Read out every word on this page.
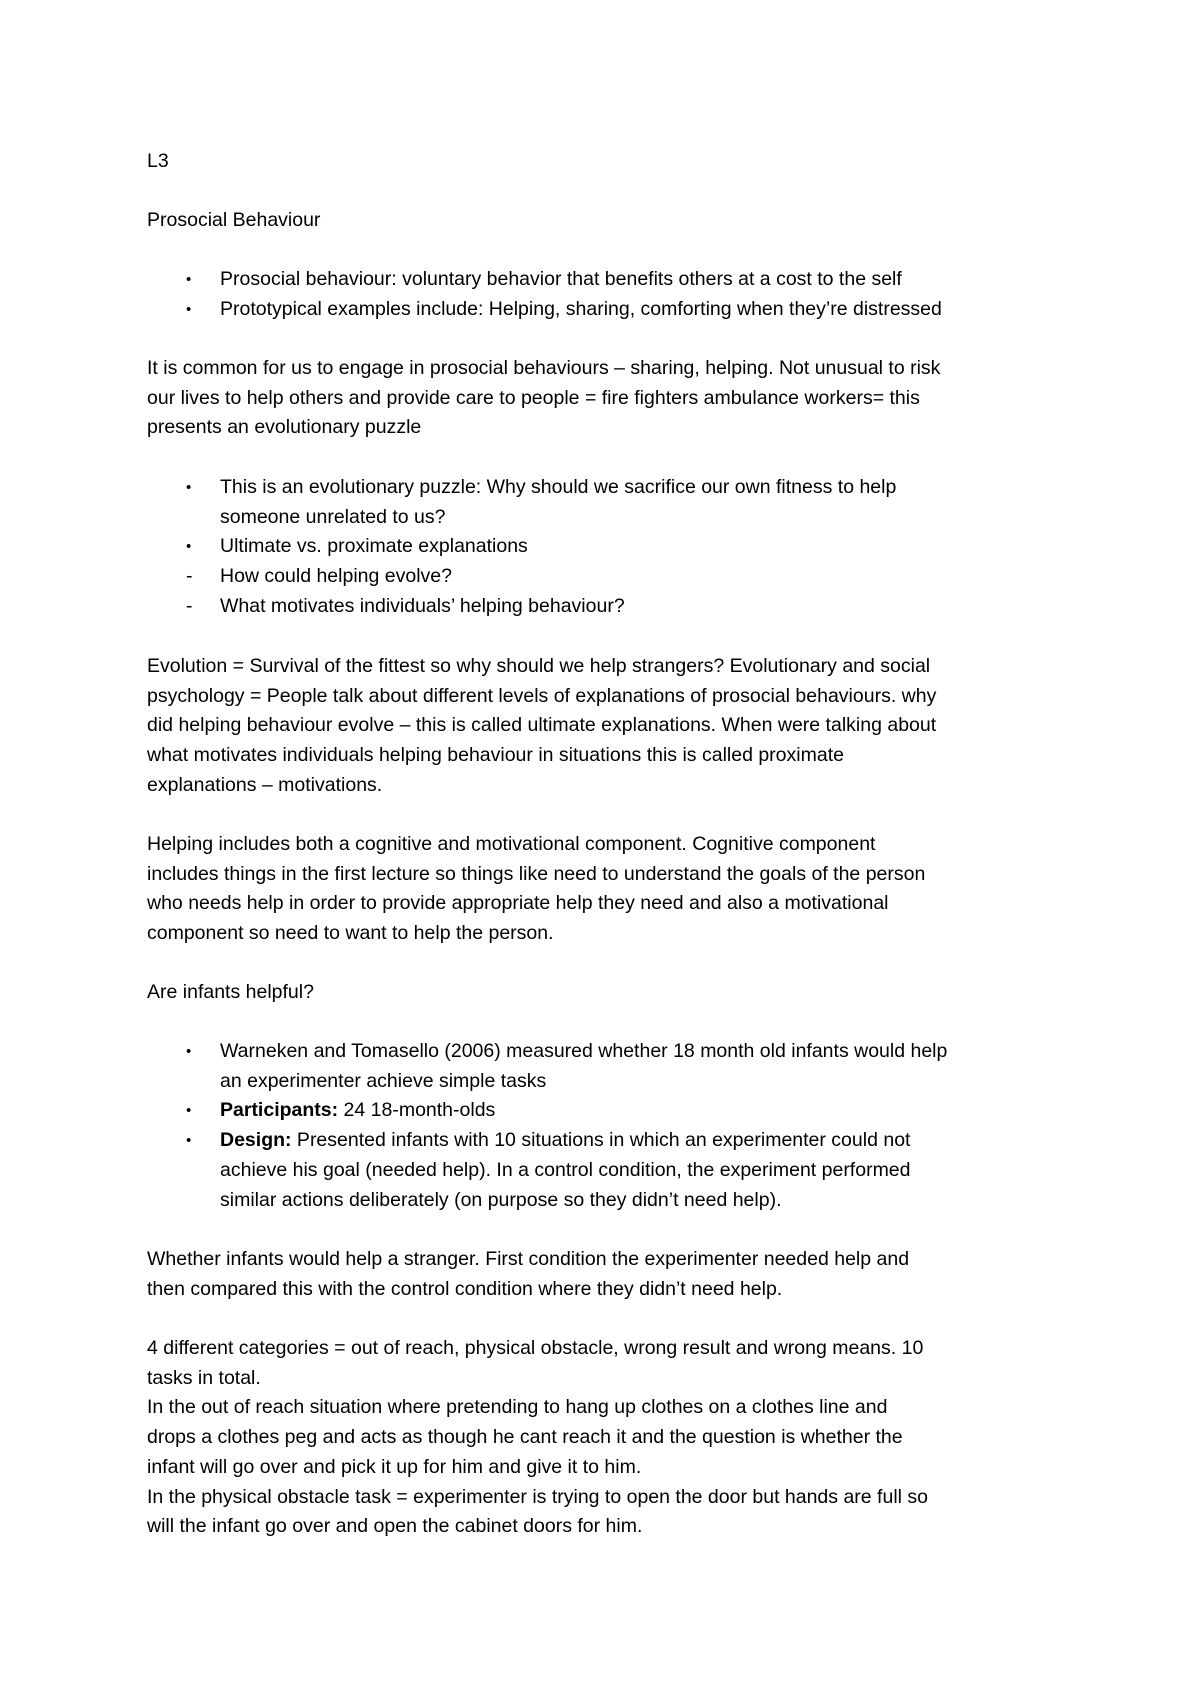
L3

Prosocial Behaviour

•	Prosocial behaviour: voluntary behavior that benefits others at a cost to the self
•	Prototypical examples include: Helping, sharing, comforting when they’re distressed

It is common for us to engage in prosocial behaviours – sharing, helping. Not unusual to risk
our lives to help others and provide care to people = fire fighters ambulance workers= this
presents an evolutionary puzzle

•	This is an evolutionary puzzle: Why should we sacrifice our own fitness to help
someone unrelated to us?
•	Ultimate vs. proximate explanations
-	How could helping evolve?
-	What motivates individuals’ helping behaviour?

Evolution = Survival of the fittest so why should we help strangers? Evolutionary and social
psychology = People talk about different levels of explanations of prosocial behaviours. why
did helping behaviour evolve – this is called ultimate explanations. When were talking about
what motivates individuals helping behaviour in situations this is called proximate
explanations – motivations.

Helping includes both a cognitive and motivational component. Cognitive component
includes things in the first lecture so things like need to understand the goals of the person
who needs help in order to provide appropriate help they need and also a motivational
component so need to want to help the person.

Are infants helpful?

•	Warneken and Tomasello (2006) measured whether 18 month old infants would help
an experimenter achieve simple tasks
•	Participants: 24 18-month-olds
•	Design: Presented infants with 10 situations in which an experimenter could not
achieve his goal (needed help). In a control condition, the experiment performed
similar actions deliberately (on purpose so they didn’t need help).

Whether infants would help a stranger. First condition the experimenter needed help and
then compared this with the control condition where they didn’t need help.

4 different categories = out of reach, physical obstacle, wrong result and wrong means. 10
tasks in total.
In the out of reach situation where pretending to hang up clothes on a clothes line and
drops a clothes peg and acts as though he cant reach it and the question is whether the
infant will go over and pick it up for him and give it to him.
In the physical obstacle task = experimenter is trying to open the door but hands are full so
will the infant go over and open the cabinet doors for him.
